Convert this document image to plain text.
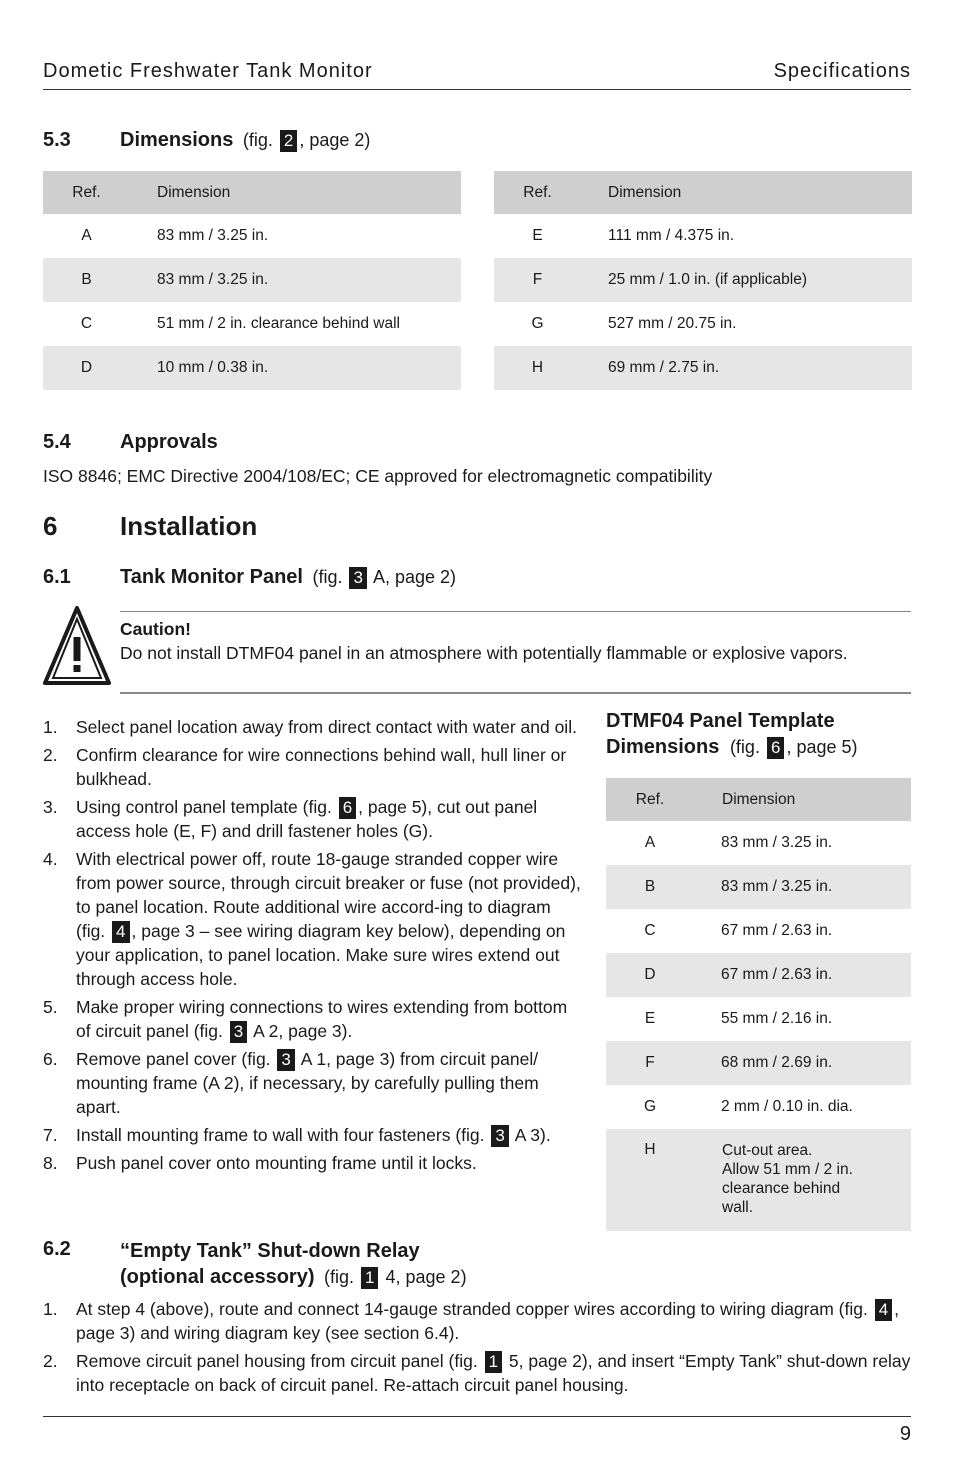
Dometic Freshwater Tank Monitor	Specifications
5.3 Dimensions (fig. 2 , page 2)
Ref.	Dimension
A	83 mm / 3.25 in.
B	83 mm / 3.25 in.
C	51 mm / 2 in. clearance behind wall
D	10 mm / 0.38 in.
Ref.	Dimension
E	111 mm / 4.375 in.
F	25 mm / 1.0 in. (if applicable)
G	527 mm / 20.75 in.
H	69 mm / 2.75 in.
5.4 Approvals
ISO 8846; EMC Directive 2004/108/EC; CE approved for electromagnetic compatibility
6 Installation
6.1 Tank Monitor Panel (fig. 3 A, page 2)
Caution!
Do not install DTMF04 panel in an atmosphere with potentially flammable or explosive vapors.
1. Select panel location away from direct contact with water and oil.
2. Confirm clearance for wire connections behind wall, hull liner or bulkhead.
3. Using control panel template (fig. 6 , page 5), cut out panel access hole (E, F) and drill fastener holes (G).
4. With electrical power off, route 18-gauge stranded copper wire from power source, through circuit breaker or fuse (not provided), to panel location. Route additional wire accord-ing to diagram (fig. 4 , page 3 – see wiring diagram key below), depending on your application, to panel location. Make sure wires extend out through access hole.
5. Make proper wiring connections to wires extending from bottom of circuit panel (fig. 3 A 2, page 3).
6. Remove panel cover (fig. 3 A 1, page 3) from circuit panel/ mounting frame (A 2), if necessary, by carefully pulling them apart.
7. Install mounting frame to wall with four fasteners (fig. 3 A 3).
8. Push panel cover onto mounting frame until it locks.
DTMF04 Panel Template
Dimensions (fig. 6 , page 5)
Ref.	Dimension
A	83 mm / 3.25 in.
B	83 mm / 3.25 in.
C	67 mm / 2.63 in.
D	67 mm / 2.63 in.
E	55 mm / 2.16 in.
F	68 mm / 2.69 in.
G	2 mm / 0.10 in. dia.
H	Cut-out area.
Allow 51 mm / 2 in.
clearance behind
wall.
6.2 “Empty Tank” Shut-down Relay
(optional accessory) (fig. 1 4, page 2)
1. At step 4 (above), route and connect 14-gauge stranded copper wires according to wiring diagram (fig. 4 , page 3) and wiring diagram key (see section 6.4).
2. Remove circuit panel housing from circuit panel (fig. 1 5, page 2), and insert “Empty Tank” shut-down relay into receptacle on back of circuit panel. Re-attach circuit panel housing.
9
